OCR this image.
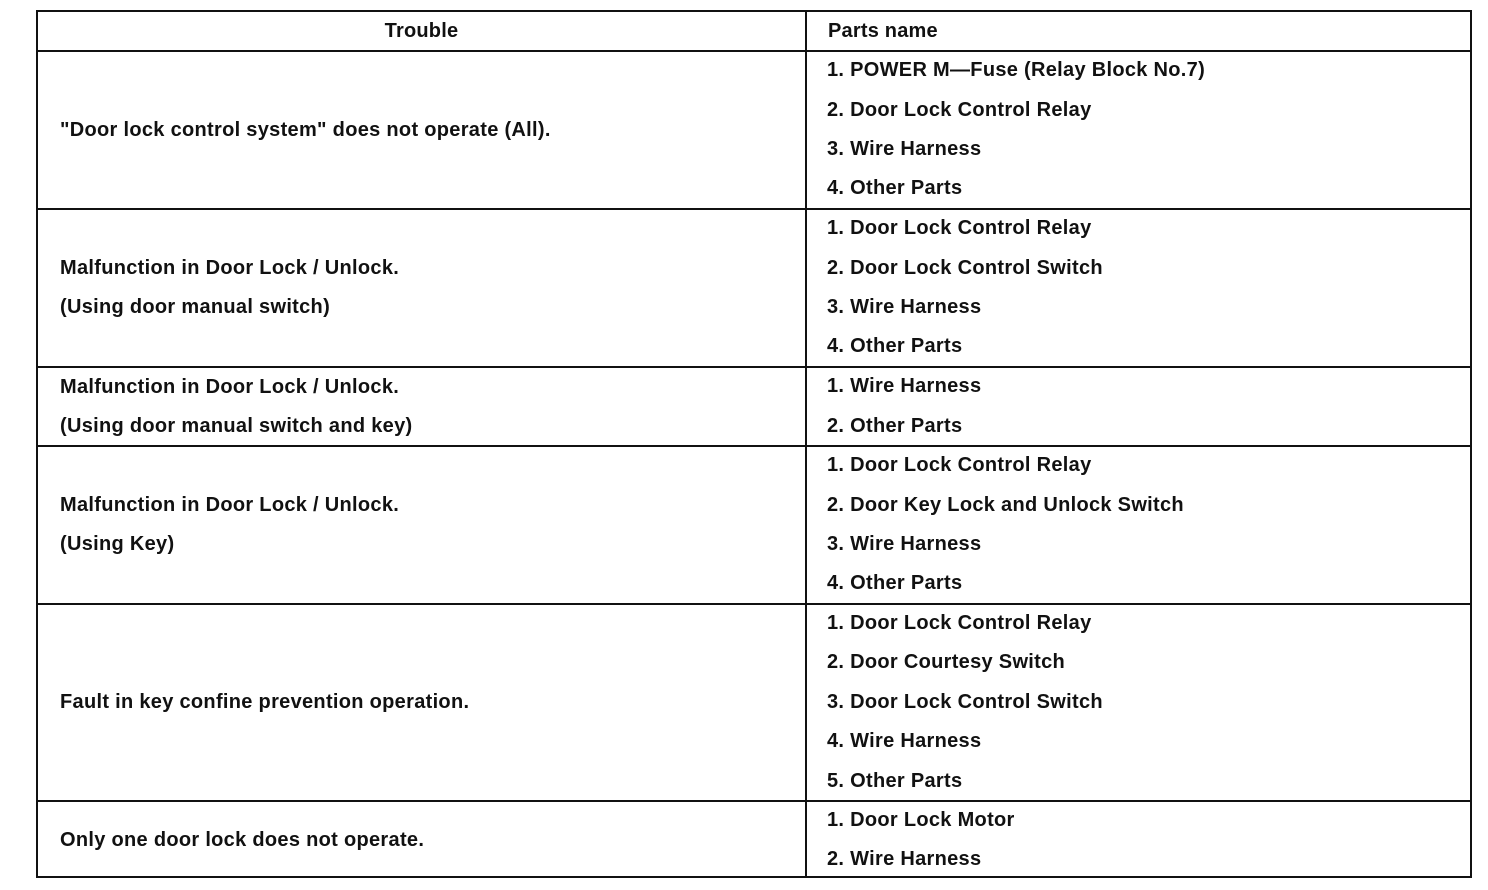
Trouble	Parts name
"Door lock control system" does not operate (All).
1. POWER M—Fuse (Relay Block No.7)
2. Door Lock Control Relay
3. Wire Harness
4. Other Parts
Malfunction in Door Lock / Unlock.
(Using door manual switch)
1. Door Lock Control Relay
2. Door Lock Control Switch
3. Wire Harness
4. Other Parts
Malfunction in Door Lock / Unlock.
(Using door manual switch and key)
1. Wire Harness
2. Other Parts
Malfunction in Door Lock / Unlock.
(Using Key)
1. Door Lock Control Relay
2. Door Key Lock and Unlock Switch
3. Wire Harness
4. Other Parts
Fault in key confine prevention operation.
1. Door Lock Control Relay
2. Door Courtesy Switch
3. Door Lock Control Switch
4. Wire Harness
5. Other Parts
Only one door lock does not operate.
1. Door Lock Motor
2. Wire Harness
